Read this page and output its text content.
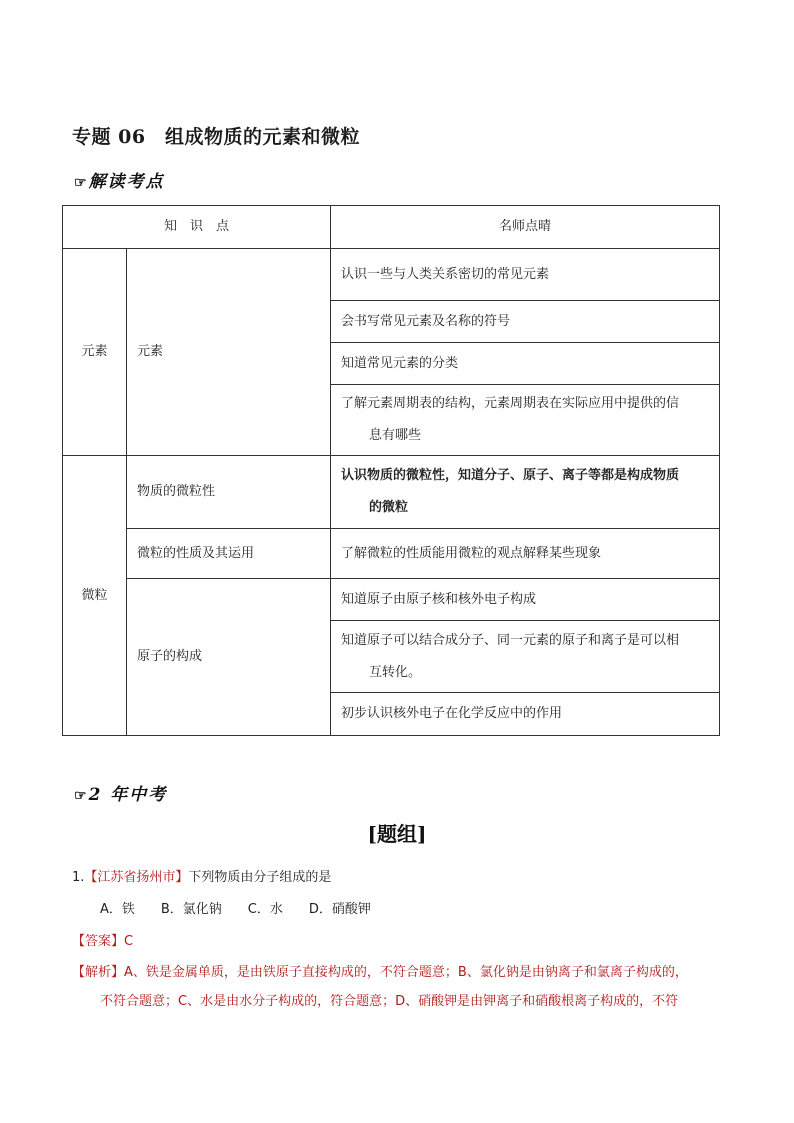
专题 06　组成物质的元素和微粒
☞ 解读考点
知　识　点		名师点晴
元素	元素	认识一些与人类关系密切的常见元素
		会书写常见元素及名称的符号
		知道常见元素的分类
		了解元素周期表的结构，元素周期表在实际应用中提供的信
息有哪些

微粒	物质的微粒性	认识物质的微粒性，知道分子、原子、离子等都是构成物质
的微粒

	微粒的性质及其运用	了解微粒的性质能用微粒的观点解释某些现象
	原子的构成	知道原子由原子核和核外电子构成
		知道原子可以结合成分子、同一元素的原子和离子是可以相
互转化。

		初步认识核外电子在化学反应中的作用
☞ 2 年中考
[题组]
1.【江苏省扬州市】下列物质由分子组成的是
A．铁　　B．氯化钠　　C．水　　D．硝酸钾
【答案】C
【解析】A、铁是金属单质，是由铁原子直接构成的，不符合题意；B、氯化钠是由钠离子和氯离子构成的，
不符合题意；C、水是由水分子构成的，符合题意；D、硝酸钾是由钾离子和硝酸根离子构成的，不符
